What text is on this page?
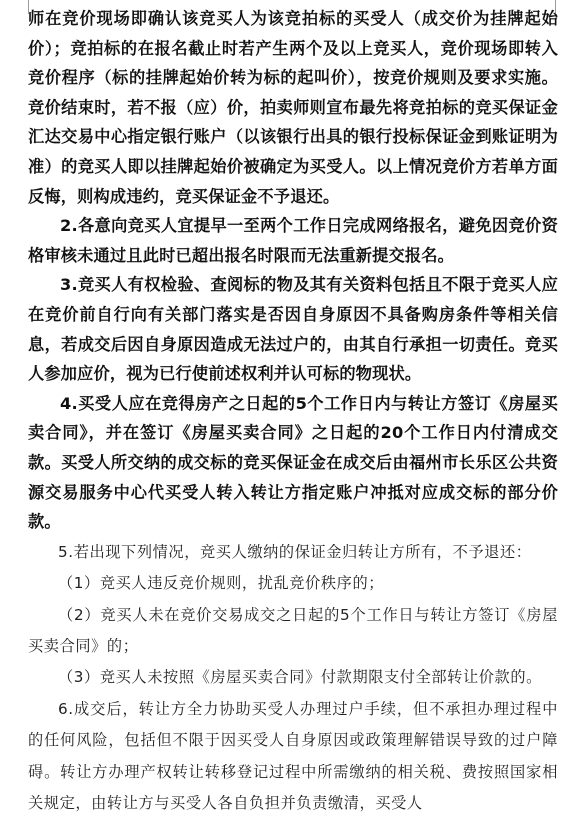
师在竞价现场即确认该竞买人为该竞拍标的买受人（成交价为挂牌起始价）；竞拍标的在报名截止时若产生两个及以上竞买人，竞价现场即转入竞价程序（标的挂牌起始价转为标的起叫价），按竞价规则及要求实施。竞价结束时，若不报（应）价，拍卖师则宣布最先将竞拍标的竞买保证金汇达交易中心指定银行账户（以该银行出具的银行投标保证金到账证明为准）的竞买人即以挂牌起始价被确定为买受人。以上情况竞价方若单方面反悔，则构成违约，竞买保证金不予退还。

2.各意向竞买人宜提早一至两个工作日完成网络报名，避免因竞价资格审核未通过且此时已超出报名时限而无法重新提交报名。

3.竞买人有权检验、查阅标的物及其有关资料包括且不限于竞买人应在竞价前自行向有关部门落实是否因自身原因不具备购房条件等相关信息，若成交后因自身原因造成无法过户的，由其自行承担一切责任。竞买人参加应价，视为已行使前述权利并认可标的物现状。

4.买受人应在竞得房产之日起的5个工作日内与转让方签订《房屋买卖合同》，并在签订《房屋买卖合同》之日起的20个工作日内付清成交款。买受人所交纳的成交标的竞买保证金在成交后由福州市长乐区公共资源交易服务中心代买受人转入转让方指定账户冲抵对应成交标的部分价款。

5.若出现下列情况，竞买人缴纳的保证金归转让方所有，不予退还：

（1）竞买人违反竞价规则，扰乱竞价秩序的；

（2）竞买人未在竞价交易成交之日起的5个工作日与转让方签订《房屋买卖合同》的；

（3）竞买人未按照《房屋买卖合同》付款期限支付全部转让价款的。

6.成交后，转让方全力协助买受人办理过户手续，但不承担办理过程中的任何风险，包括但不限于因买受人自身原因或政策理解错误导致的过户障碍。转让方办理产权转让转移登记过程中所需缴纳的相关税、费按照国家相关规定，由转让方与买受人各自负担并负责缴清，买受人
